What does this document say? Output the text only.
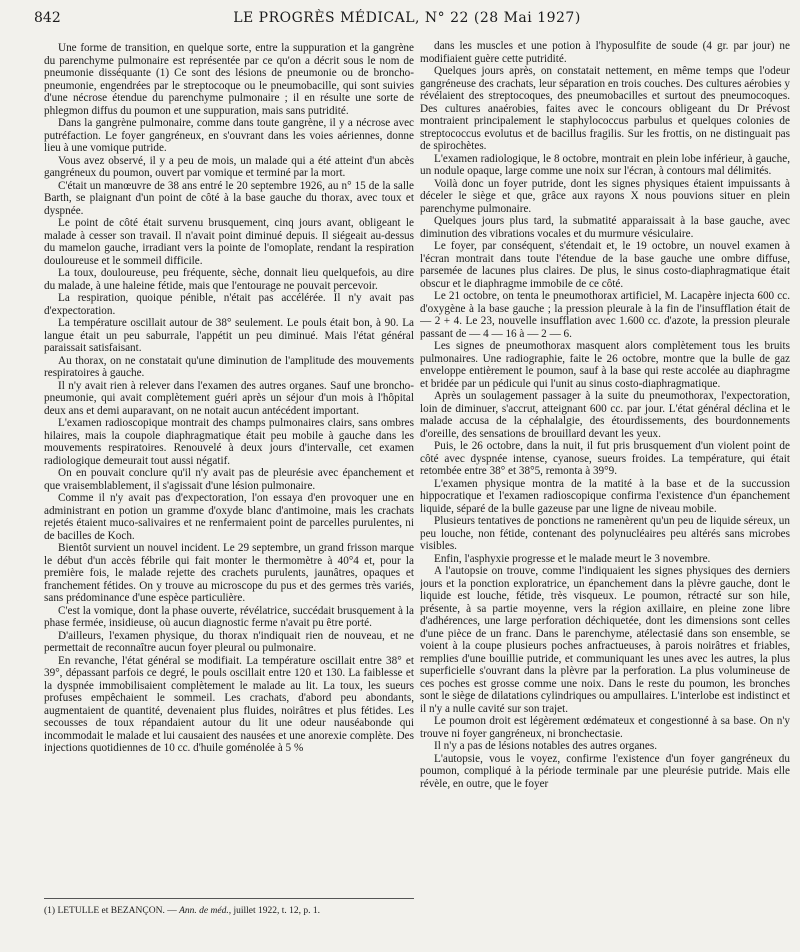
842	LE PROGRÈS MÉDICAL, N° 22 (28 Mai 1927)

Une forme de transition, en quelque sorte, entre la suppuration et la gangrène du parenchyme pulmonaire est représentée par ce qu'on a décrit sous le nom de pneumonie disséquante (1) Ce sont des lésions de pneumonie ou de broncho-pneumonie, engendrées par le streptocoque ou le pneumobacille, qui sont suivies d'une nécrose étendue du parenchyme pulmonaire ; il en résulte une sorte de phlegmon diffus du poumon et une suppuration, mais sans putridité.

Dans la gangrène pulmonaire, comme dans toute gangrène, il y a nécrose avec putréfaction. Le foyer gangréneux, en s'ouvrant dans les voies aériennes, donne lieu à une vomique putride.

Vous avez observé, il y a peu de mois, un malade qui a été atteint d'un abcès gangréneux du poumon, ouvert par vomique et terminé par la mort.

C'était un manœuvre de 38 ans entré le 20 septembre 1926, au n° 15 de la salle Barth, se plaignant d'un point de côté à la base gauche du thorax, avec toux et dyspnée.

Le point de côté était survenu brusquement, cinq jours avant, obligeant le malade à cesser son travail. Il n'avait point diminué depuis. Il siégeait au-dessus du mamelon gauche, irradiant vers la pointe de l'omoplate, rendant la respiration douloureuse et le sommeil difficile.

La toux, douloureuse, peu fréquente, sèche, donnait lieu quelquefois, au dire du malade, à une haleine fétide, mais que l'entourage ne pouvait percevoir.

La respiration, quoique pénible, n'était pas accélérée. Il n'y avait pas d'expectoration.

La température oscillait autour de 38° seulement. Le pouls était bon, à 90. La langue était un peu saburrale, l'appétit un peu diminué. Mais l'état général paraissait satisfaisant.

Au thorax, on ne constatait qu'une diminution de l'amplitude des mouvements respiratoires à gauche.

Il n'y avait rien à relever dans l'examen des autres organes. Sauf une broncho-pneumonie, qui avait complètement guéri après un séjour d'un mois à l'hôpital deux ans et demi auparavant, on ne notait aucun antécédent important.

L'examen radioscopique montrait des champs pulmonaires clairs, sans ombres hilaires, mais la coupole diaphragmatique était peu mobile à gauche dans les mouvements respiratoires. Renouvelé à deux jours d'intervalle, cet examen radiologique demeurait tout aussi négatif.

On en pouvait conclure qu'il n'y avait pas de pleurésie avec épanchement et que vraisemblablement, il s'agissait d'une lésion pulmonaire.

Comme il n'y avait pas d'expectoration, l'on essaya d'en provoquer une en administrant en potion un gramme d'oxyde blanc d'antimoine, mais les crachats rejetés étaient muco-salivaires et ne renfermaient point de parcelles purulentes, ni de bacilles de Koch.

Bientôt survient un nouvel incident. Le 29 septembre, un grand frisson marque le début d'un accès fébrile qui fait monter le thermomètre à 40°4 et, pour la première fois, le malade rejette des crachets purulents, jaunâtres, opaques et franchement fétides. On y trouve au microscope du pus et des germes très variés, sans prédominance d'une espèce particulière.

C'est la vomique, dont la phase ouverte, révélatrice, succédait brusquement à la phase fermée, insidieuse, où aucun diagnostic ferme n'avait pu être porté.

D'ailleurs, l'examen physique, du thorax n'indiquait rien de nouveau, et ne permettait de reconnaître aucun foyer pleural ou pulmonaire.

En revanche, l'état général se modifiait. La température oscillait entre 38° et 39°, dépassant parfois ce degré, le pouls oscillait entre 120 et 130. La faiblesse et la dyspnée immobilisaient complètement le malade au lit. La toux, les sueurs profuses empêchaient le sommeil. Les crachats, d'abord peu abondants, augmentaient de quantité, devenaient plus fluides, noirâtres et plus fétides. Les secousses de toux répandaient autour du lit une odeur nauséabonde qui incommodait le malade et lui causaient des nausées et une anorexie complète. Des injections quotidiennes de 10 cc. d'huile goménolée à 5 %

dans les muscles et une potion à l'hyposulfite de soude (4 gr. par jour) ne modifiaient guère cette putridité.

Quelques jours après, on constatait nettement, en même temps que l'odeur gangréneuse des crachats, leur séparation en trois couches. Des cultures aérobies y révélaient des streptocoques, des pneumobacilles et surtout des pneumocoques. Des cultures anaérobies, faites avec le concours obligeant du Dr Prévost montraient principalement le staphylococcus parbulus et quelques colonies de streptococcus evolutus et de bacillus fragilis. Sur les frottis, on ne distinguait pas de spirochètes.

L'examen radiologique, le 8 octobre, montrait en plein lobe inférieur, à gauche, un nodule opaque, large comme une noix sur l'écran, à contours mal délimités.

Voilà donc un foyer putride, dont les signes physiques étaient impuissants à déceler le siège et que, grâce aux rayons X nous pouvions situer en plein parenchyme pulmonaire.

Quelques jours plus tard, la submatité apparaissait à la base gauche, avec diminution des vibrations vocales et du murmure vésiculaire.

Le foyer, par conséquent, s'étendait et, le 19 octobre, un nouvel examen à l'écran montrait dans toute l'étendue de la base gauche une ombre diffuse, parsemée de lacunes plus claires. De plus, le sinus costo-diaphragmatique était obscur et le diaphragme immobile de ce côté.

Le 21 octobre, on tenta le pneumothorax artificiel, M. Lacapère injecta 600 cc. d'oxygène à la base gauche ; la pression pleurale à la fin de l'insufflation était de — 2 + 4. Le 23, nouvelle insufflation avec 1.600 cc. d'azote, la pression pleurale passant de — 4 — 16 à — 2 — 6.

Les signes de pneumothorax masquent alors complètement tous les bruits pulmonaires. Une radiographie, faite le 26 octobre, montre que la bulle de gaz enveloppe entièrement le poumon, sauf à la base qui reste accolée au diaphragme et bridée par un pédicule qui l'unit au sinus costo-diaphragmatique.

Après un soulagement passager à la suite du pneumothorax, l'expectoration, loin de diminuer, s'accrut, atteignant 600 cc. par jour. L'état général déclina et le malade accusa de la céphalalgie, des étourdissements, des bourdonnements d'oreille, des sensations de brouillard devant les yeux.

Puis, le 26 octobre, dans la nuit, il fut pris brusquement d'un violent point de côté avec dyspnée intense, cyanose, sueurs froides. La température, qui était retombée entre 38° et 38°5, remonta à 39°9.

L'examen physique montra de la matité à la base et de la succussion hippocratique et l'examen radioscopique confirma l'existence d'un épanchement liquide, séparé de la bulle gazeuse par une ligne de niveau mobile.

Plusieurs tentatives de ponctions ne ramenèrent qu'un peu de liquide séreux, un peu louche, non fétide, contenant des polynucléaires peu altérés sans microbes visibles.

Enfin, l'asphyxie progresse et le malade meurt le 3 novembre.

A l'autopsie on trouve, comme l'indiquaient les signes physiques des derniers jours et la ponction exploratrice, un épanchement dans la plèvre gauche, dont le liquide est louche, fétide, très visqueux. Le poumon, rétracté sur son hile, présente, à sa partie moyenne, vers la région axillaire, en pleine zone libre d'adhérences, une large perforation déchiquetée, dont les dimensions sont celles d'une pièce de un franc. Dans le parenchyme, atélectasié dans son ensemble, se voient à la coupe plusieurs poches anfractueuses, à parois noirâtres et friables, remplies d'une bouillie putride, et communiquant les unes avec les autres, la plus superficielle s'ouvrant dans la plèvre par la perforation. La plus volumineuse de ces poches est grosse comme une noix. Dans le reste du poumon, les bronches sont le siège de dilatations cylindriques ou ampullaires. L'interlobe est indistinct et il n'y a nulle cavité sur son trajet.

Le poumon droit est légèrement œdémateux et congestionné à sa base. On n'y trouve ni foyer gangréneux, ni bronchectasie.

Il n'y a pas de lésions notables des autres organes.

L'autopsie, vous le voyez, confirme l'existence d'un foyer gangréneux du poumon, compliqué à la période terminale par une pleurésie putride. Mais elle révèle, en outre, que le foyer

(1) LETULLE et BEZANÇON. — Ann. de méd., juillet 1922, t. 12, p. 1.
